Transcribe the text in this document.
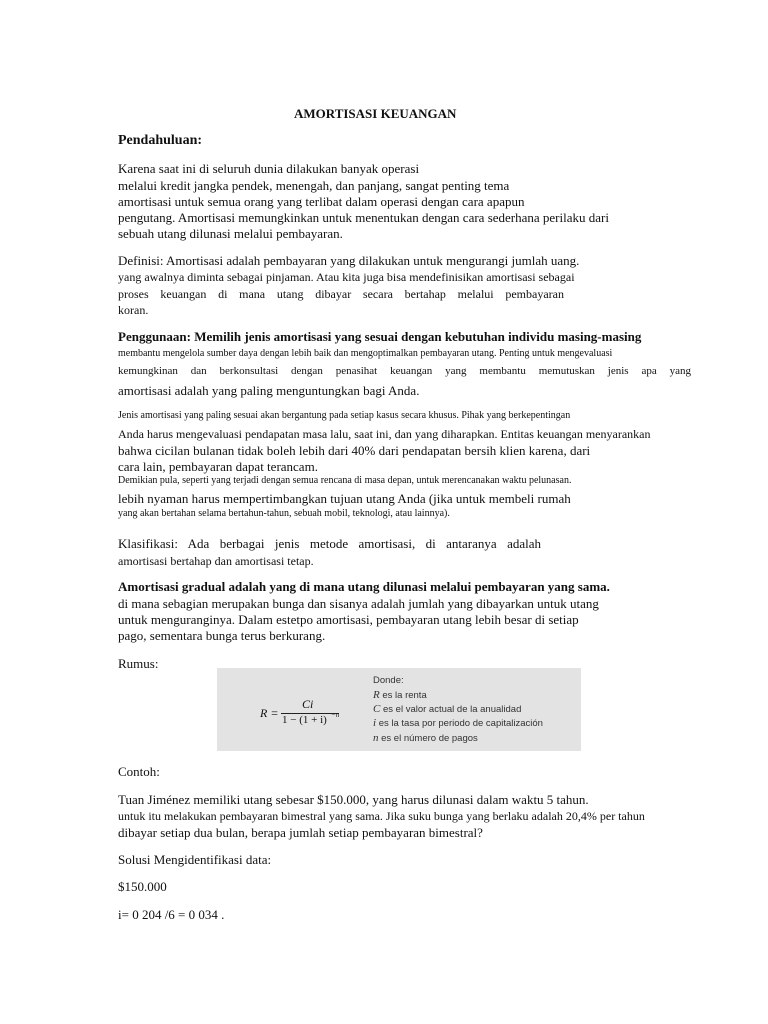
AMORTISASI KEUANGAN
Pendahuluan:
Karena saat ini di seluruh dunia dilakukan banyak operasi
melalui kredit jangka pendek, menengah, dan panjang, sangat penting tema
amortisasi untuk semua orang yang terlibat dalam operasi dengan cara apapun
pengutang. Amortisasi memungkinkan untuk menentukan dengan cara sederhana perilaku dari
sebuah utang dilunasi melalui pembayaran.
Definisi: Amortisasi adalah pembayaran yang dilakukan untuk mengurangi jumlah uang.
yang awalnya diminta sebagai pinjaman. Atau kita juga bisa mendefinisikan amortisasi sebagai
proses keuangan di mana utang dibayar secara bertahap melalui pembayaran
koran.
Penggunaan: Memilih jenis amortisasi yang sesuai dengan kebutuhan individu masing-masing
membantu mengelola sumber daya dengan lebih baik dan mengoptimalkan pembayaran utang. Penting untuk mengevaluasi
kemungkinan dan berkonsultasi dengan penasihat keuangan yang membantu memutuskan jenis apa yang
amortisasi adalah yang paling menguntungkan bagi Anda.
Jenis amortisasi yang paling sesuai akan bergantung pada setiap kasus secara khusus. Pihak yang berkepentingan
Anda harus mengevaluasi pendapatan masa lalu, saat ini, dan yang diharapkan. Entitas keuangan menyarankan
bahwa cicilan bulanan tidak boleh lebih dari 40% dari pendapatan bersih klien karena, dari
cara lain, pembayaran dapat terancam.
Demikian pula, seperti yang terjadi dengan semua rencana di masa depan, untuk merencanakan waktu pelunasan.
lebih nyaman harus mempertimbangkan tujuan utang Anda (jika untuk membeli rumah
yang akan bertahan selama bertahun-tahun, sebuah mobil, teknologi, atau lainnya).
Klasifikasi: Ada berbagai jenis metode amortisasi, di antaranya adalah
amortisasi bertahap dan amortisasi tetap.
Amortisasi gradual adalah yang di mana utang dilunasi melalui pembayaran yang sama.
di mana sebagian merupakan bunga dan sisanya adalah jumlah yang dibayarkan untuk utang
untuk menguranginya. Dalam estetpo amortisasi, pembayaran utang lebih besar di setiap
pago, sementara bunga terus berkurang.
Rumus:
R =
Ci
1 − (1 + i) −n
Donde:
R es la renta
C es el valor actual de la anualidad
i es la tasa por periodo de capitalización
n es el número de pagos
Contoh:
Tuan Jiménez memiliki utang sebesar $150.000, yang harus dilunasi dalam waktu 5 tahun.
untuk itu melakukan pembayaran bimestral yang sama. Jika suku bunga yang berlaku adalah 20,4% per tahun
dibayar setiap dua bulan, berapa jumlah setiap pembayaran bimestral?
Solusi Mengidentifikasi data:
$150.000
i= 0 204 /6 = 0 034 .
